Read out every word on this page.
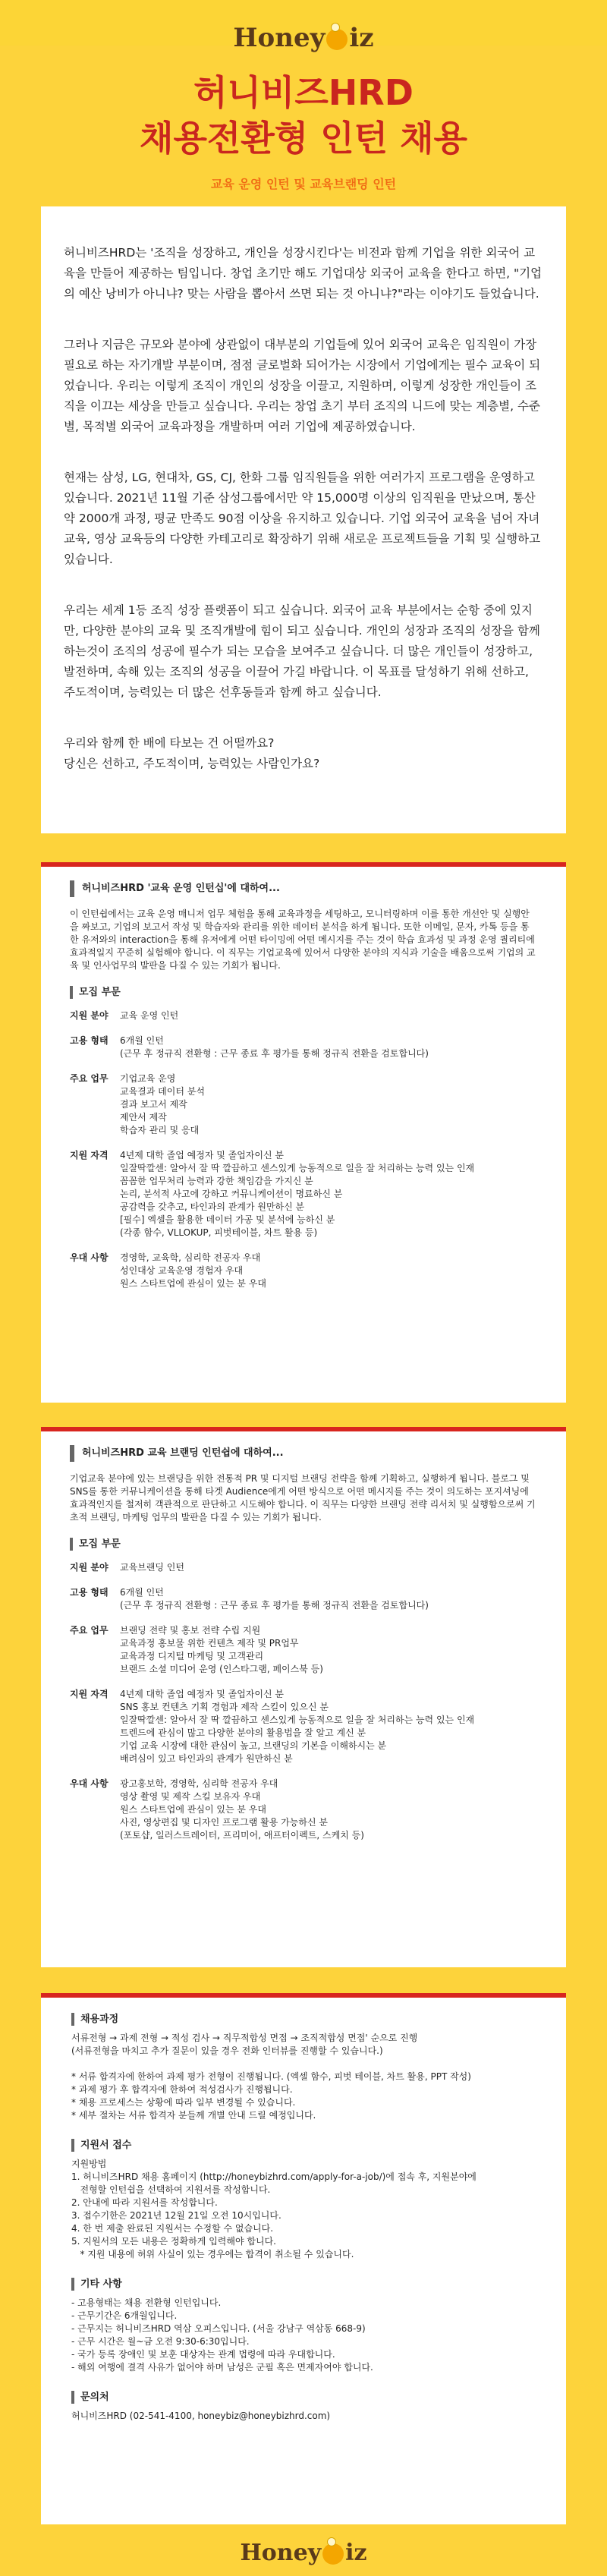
Honey iz
허니비즈HRD
채용전환형 인턴 채용
교육 운영 인턴 및 교육브랜딩 인턴

허니비즈HRD는 '조직을 성장하고, 개인을 성장시킨다'는 비전과 함께 기업을 위한 외국어 교육을 만들어 제공하는 팀입니다. 창업 초기만 해도 기업대상 외국어 교육을 한다고 하면, "기업의 예산 낭비가 아니냐? 맞는 사람을 뽑아서 쓰면 되는 것 아니냐?"라는 이야기도 들었습니다.

그러나 지금은 규모와 분야에 상관없이 대부분의 기업들에 있어 외국어 교육은 임직원이 가장 필요로 하는 자기개발 부분이며, 점점 글로벌화 되어가는 시장에서 기업에게는 필수 교육이 되었습니다. 우리는 이렇게 조직이 개인의 성장을 이끌고, 지원하며, 이렇게 성장한 개인들이 조직을 이끄는 세상을 만들고 싶습니다. 우리는 창업 초기 부터 조직의 니드에 맞는 계층별, 수준별, 목적별 외국어 교육과정을 개발하며 여러 기업에 제공하였습니다.

현재는 삼성, LG, 현대차, GS, CJ, 한화 그룹 임직원들을 위한 여러가지 프로그램을 운영하고 있습니다. 2021년 11월 기준 삼성그룹에서만 약 15,000명 이상의 임직원을 만났으며, 통산 약 2000개 과정, 평균 만족도 90점 이상을 유지하고 있습니다. 기업 외국어 교육을 넘어 자녀 교육, 영상 교육등의 다양한 카테고리로 확장하기 위해 새로운 프로젝트들을 기획 및 실행하고 있습니다.

우리는 세계 1등 조직 성장 플랫폼이 되고 싶습니다. 외국어 교육 부분에서는 순항 중에 있지만, 다양한 분야의 교육 및 조직개발에 힘이 되고 싶습니다. 개인의 성장과 조직의 성장을 함께 하는것이 조직의 성공에 필수가 되는 모습을 보여주고 싶습니다. 더 많은 개인들이 성장하고, 발전하며, 속해 있는 조직의 성공을 이끌어 가길 바랍니다. 이 목표를 달성하기 위해 선하고, 주도적이며, 능력있는 더 많은 선후동들과 함께 하고 싶습니다.

우리와 함께 한 배에 타보는 건 어떨까요?
당신은 선하고, 주도적이며, 능력있는 사람인가요?

허니비즈HRD '교육 운영 인턴십'에 대하여...
이 인턴쉽에서는 교육 운영 매니저 업무 체험을 통해 교육과정을 세팅하고, 모니터링하며 이를 통한 개선안 및 실행안을 짜보고, 기업의 보고서 작성 및 학습자와 관리를 위한 데이터 분석을 하게 됩니다. 또한 이메일, 문자, 카톡 등을 통한 유저와의 interaction을 통해 유저에게 어떤 타이밍에 어떤 메시지를 주는 것이 학습 효과성 및 과정 운영 퀄리티에 효과적일지 꾸준히 실험해야 합니다. 이 직무는 기업교육에 있어서 다양한 분야의 지식과 기술을 배움으로써 기업의 교육 및 인사업무의 발판을 다질 수 있는 기회가 됩니다.
모집 부문
지원 분야	교육 운영 인턴
고용 형태	6개월 인턴
(근무 후 정규직 전환형 : 근무 종료 후 평가를 통해 정규직 전환을 검토합니다)
주요 업무	기업교육 운영
교육결과 데이터 분석
결과 보고서 제작
제안서 제작
학습자 관리 및 응대
지원 자격	4년제 대학 졸업 예정자 및 졸업자이신 분
일잘딱깔센: 알아서 잘 딱 깔끔하고 센스있게 능동적으로 일을 잘 처리하는 능력 있는 인재
꼼꼼한 업무처리 능력과 강한 책임감을 가지신 분
논리, 분석적 사고에 강하고 커뮤니케이션이 명료하신 분
공감력을 갖추고, 타인과의 관계가 원만하신 분
[필수] 엑셀을 활용한 데이터 가공 및 분석에 능하신 분
(각종 함수, VLLOKUP, 피벗테이블, 차트 활용 등)
우대 사항	경영학, 교육학, 심리학 전공자 우대
성인대상 교육운영 경험자 우대
원스 스타트업에 관심이 있는 분 우대
허니비즈HRD 교육 브랜딩 인턴쉽에 대하여...
기업교육 분야에 있는 브랜딩을 위한 전통적 PR 및 디지털 브랜딩 전략을 함께 기획하고, 실행하게 됩니다. 블로그 및 SNS를 통한 커뮤니케이션을 통해 타겟 Audience에게 어떤 방식으로 어떤 메시지를 주는 것이 의도하는 포지셔닝에 효과적인지를 철저히 객관적으로 판단하고 시도해야 합니다. 이 직무는 다양한 브랜딩 전략 리서치 및 실행함으로써 기초적 브랜딩, 마케팅 업무의 발판을 다질 수 있는 기회가 됩니다.
모집 부문
지원 분야	교육브랜딩 인턴
고용 형태	6개월 인턴
(근무 후 정규직 전환형 : 근무 종료 후 평가를 통해 정규직 전환을 검토합니다)
주요 업무	브랜딩 전략 및 홍보 전략 수립 지원
교육과정 홍보물 위한 컨텐츠 제작 및 PR업무
교육과정 디지털 마케팅 및 고객관리
브랜드 소셜 미디어 운영 (인스타그램, 페이스북 등)
지원 자격	4년제 대학 졸업 예정자 및 졸업자이신 분
SNS 홍보 컨텐츠 기획 경험과 제작 스킬이 있으신 분
일잘딱깔센: 알아서 잘 딱 깔끔하고 센스있게 능동적으로 일을 잘 처리하는 능력 있는 인재
트렌드에 관심이 많고 다양한 분야의 활용법을 잘 알고 계신 분
기업 교육 시장에 대한 관심이 높고, 브랜딩의 기본을 이해하시는 분
배려심이 있고 타인과의 관계가 원만하신 분
우대 사항	광고홍보학, 경영학, 심리학 전공자 우대
영상 촬영 및 제작 스킬 보유자 우대
원스 스타트업에 관심이 있는 분 우대
사진, 영상편집 및 디자인 프로그램 활용 가능하신 분
(포토샵, 일러스트레이터, 프리미어, 애프터이펙트, 스케치 등)
채용과정
서류전형 → 과제 전형 → 적성 검사 → 직무적합성 면접 → 조직적합성 면접' 순으로 진행
(서류전형을 마치고 추가 질문이 있을 경우 전화 인터뷰를 진행할 수 있습니다.)
* 서류 합격자에 한하여 과제 평가 전형이 진행됩니다. (엑셀 함수, 피벗 테이블, 차트 활용, PPT 작성)
* 과제 평가 후 합격자에 한하여 적성검사가 진행됩니다.
* 채용 프로세스는 상황에 따라 일부 변경될 수 있습니다.
* 세부 절차는 서류 합격자 분들께 개별 안내 드릴 예정입니다.
지원서 접수
지원방법
1. 허니비즈HRD 채용 홈페이지 (http://honeybizhrd.com/apply-for-a-job/)에 접속 후, 지원분야에
전형할 인턴쉽을 선택하여 지원서를 작성합니다.
2. 안내에 따라 지원서를 작성합니다.
3. 접수기한은 2021년 12월 21일 오전 10시입니다.
4. 한 번 제출 완료된 지원서는 수정할 수 없습니다.
5. 지원서의 모든 내용은 정확하게 입력해야 합니다.
* 지원 내용에 허위 사실이 있는 경우에는 합격이 취소될 수 있습니다.
기타 사항
- 고용형태는 채용 전환형 인턴입니다.
- 근무기간은 6개월입니다.
- 근무지는 허니비즈HRD 역삼 오피스입니다. (서울 강남구 역삼동 668-9)
- 근무 시간은 월~금 오전 9:30-6:30입니다.
- 국가 등록 장애인 및 보훈 대상자는 관계 법령에 따라 우대합니다.
- 해외 여행에 결격 사유가 없어야 하며 남성은 군필 혹은 면제자여야 합니다.
문의처
허니비즈HRD (02-541-4100, honeybiz@honeybizhrd.com)
Honey iz
